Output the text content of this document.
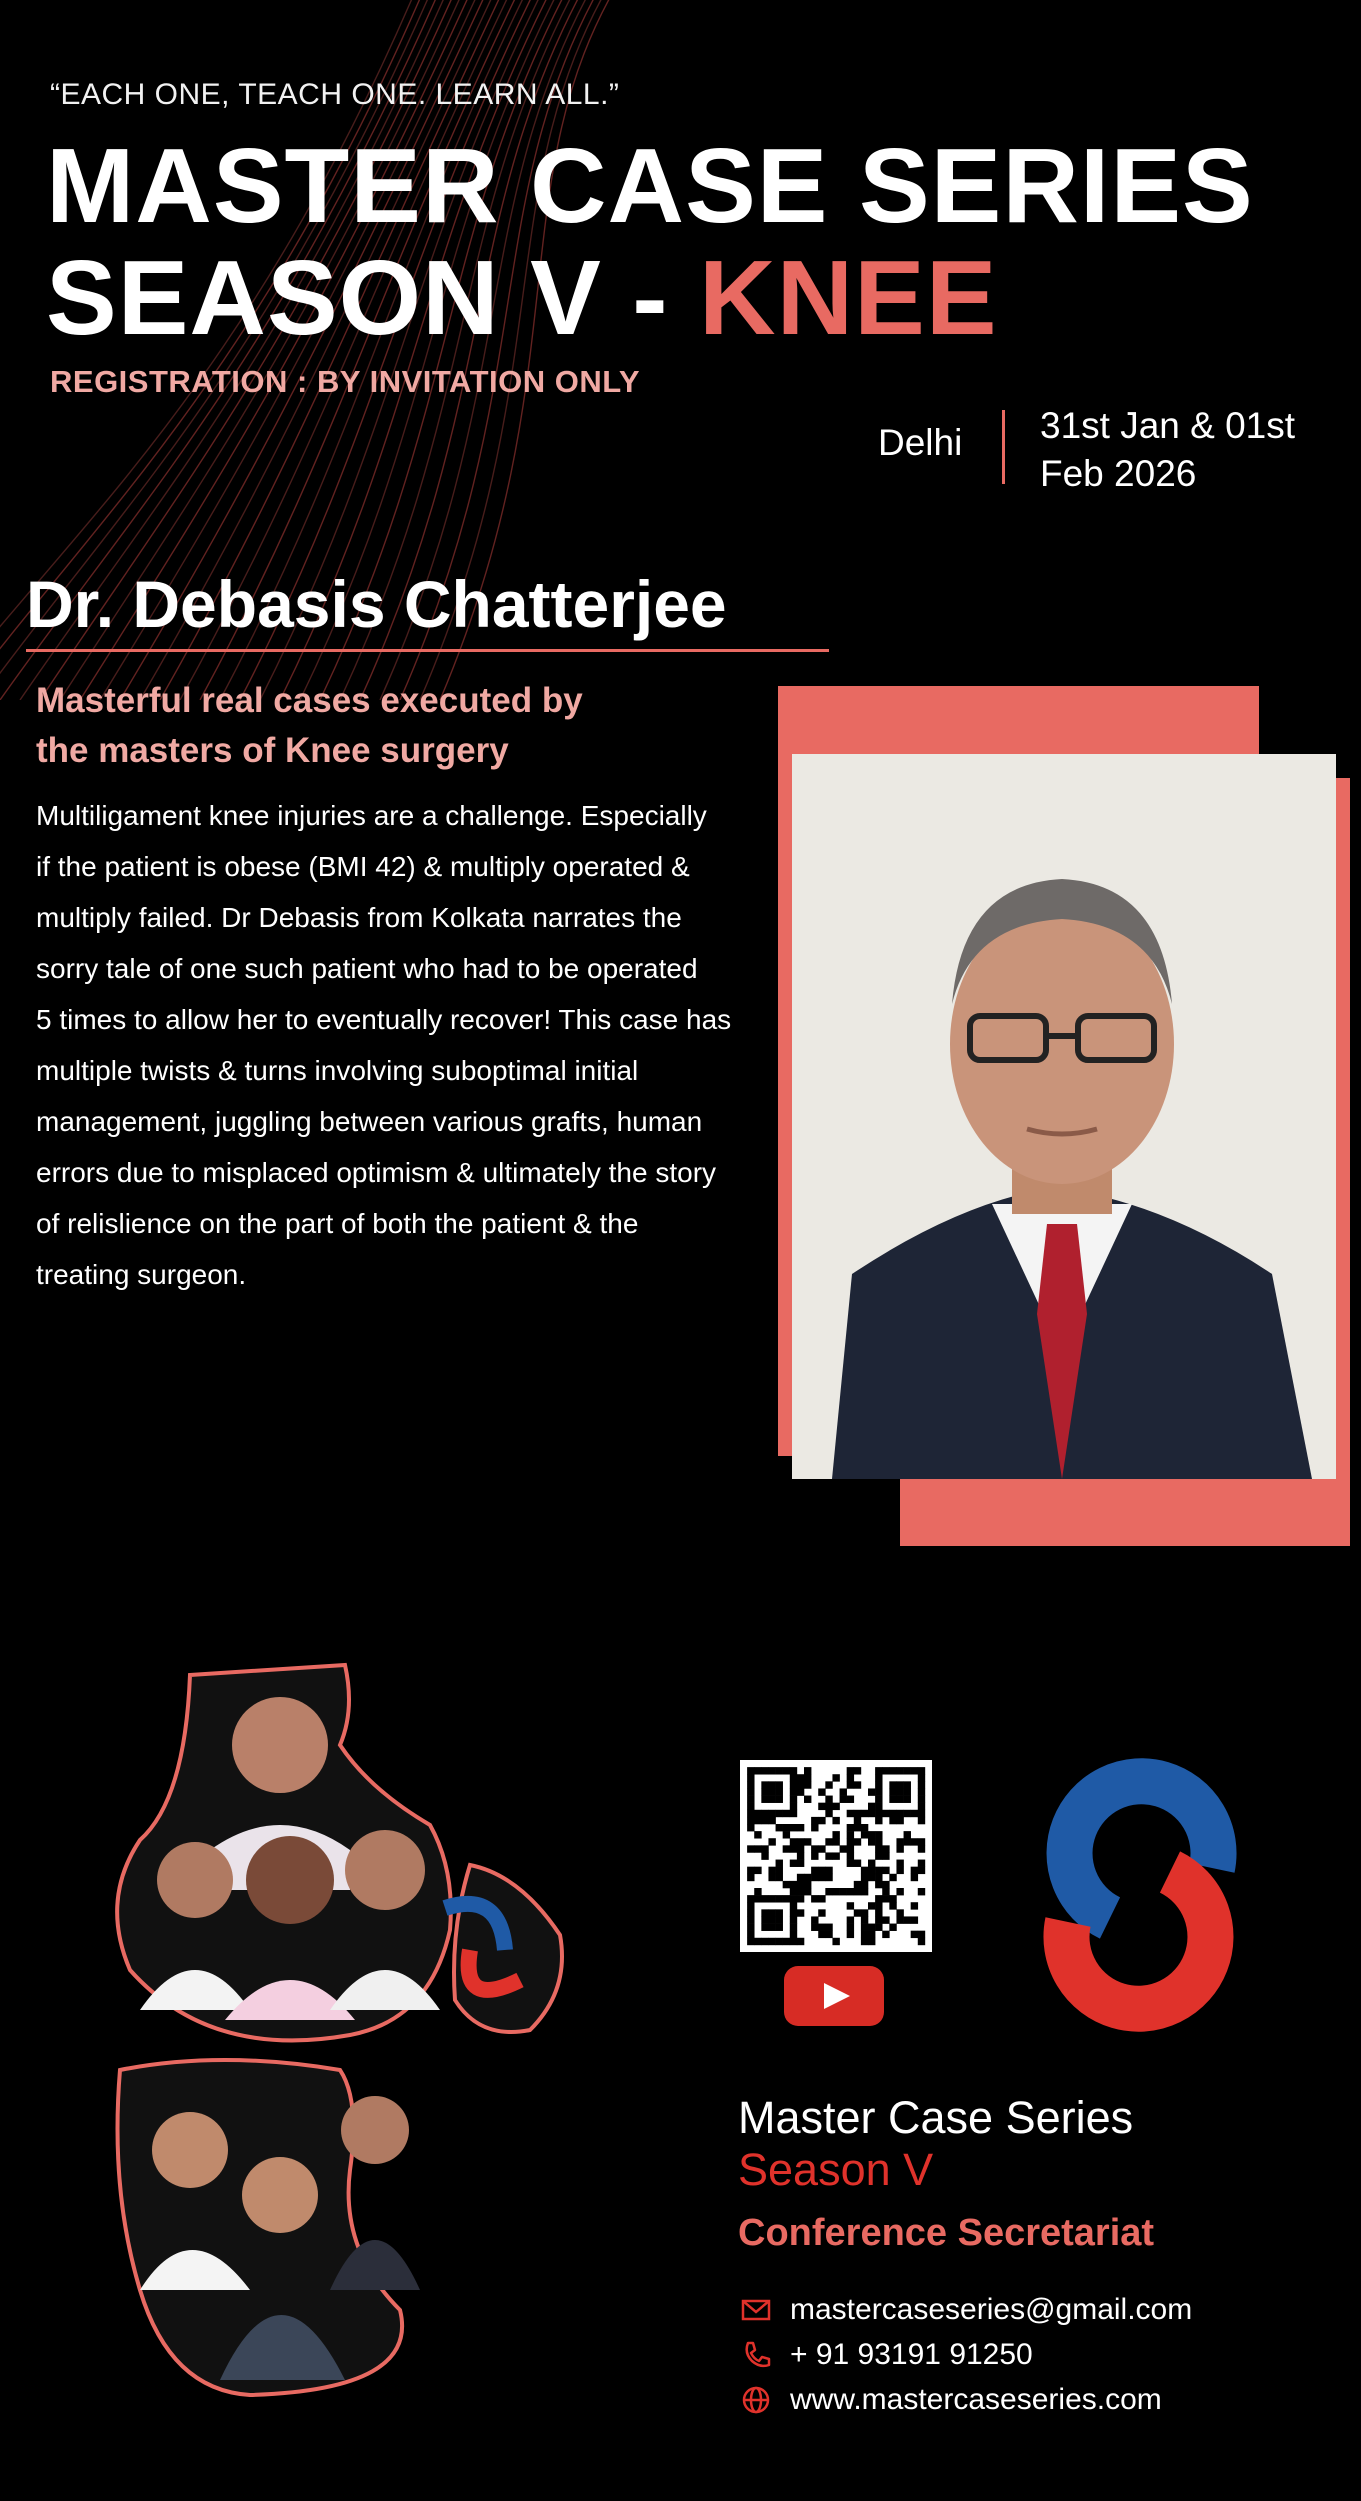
“EACH ONE, TEACH ONE. LEARN ALL.”
MASTER CASE SERIES
SEASON V - KNEE
REGISTRATION : BY INVITATION ONLY
Delhi 31st Jan & 01st
Feb 2026
Dr. Debasis Chatterjee
Masterful real cases executed by
the masters of Knee surgery
Multiligament knee injuries are a challenge. Especially
if the patient is obese (BMI 42) & multiply operated &
multiply failed. Dr Debasis from Kolkata narrates the
sorry tale of one such patient who had to be operated
5 times to allow her to eventually recover! This case has
multiple twists & turns involving suboptimal initial
management, juggling between various grafts, human
errors due to misplaced optimism & ultimately the story
of relislience on the part of both the patient & the
treating surgeon.
Master Case Series
Season V
Conference Secretariat
mastercaseseries@gmail.com
+ 91 93191 91250
www.mastercaseseries.com
